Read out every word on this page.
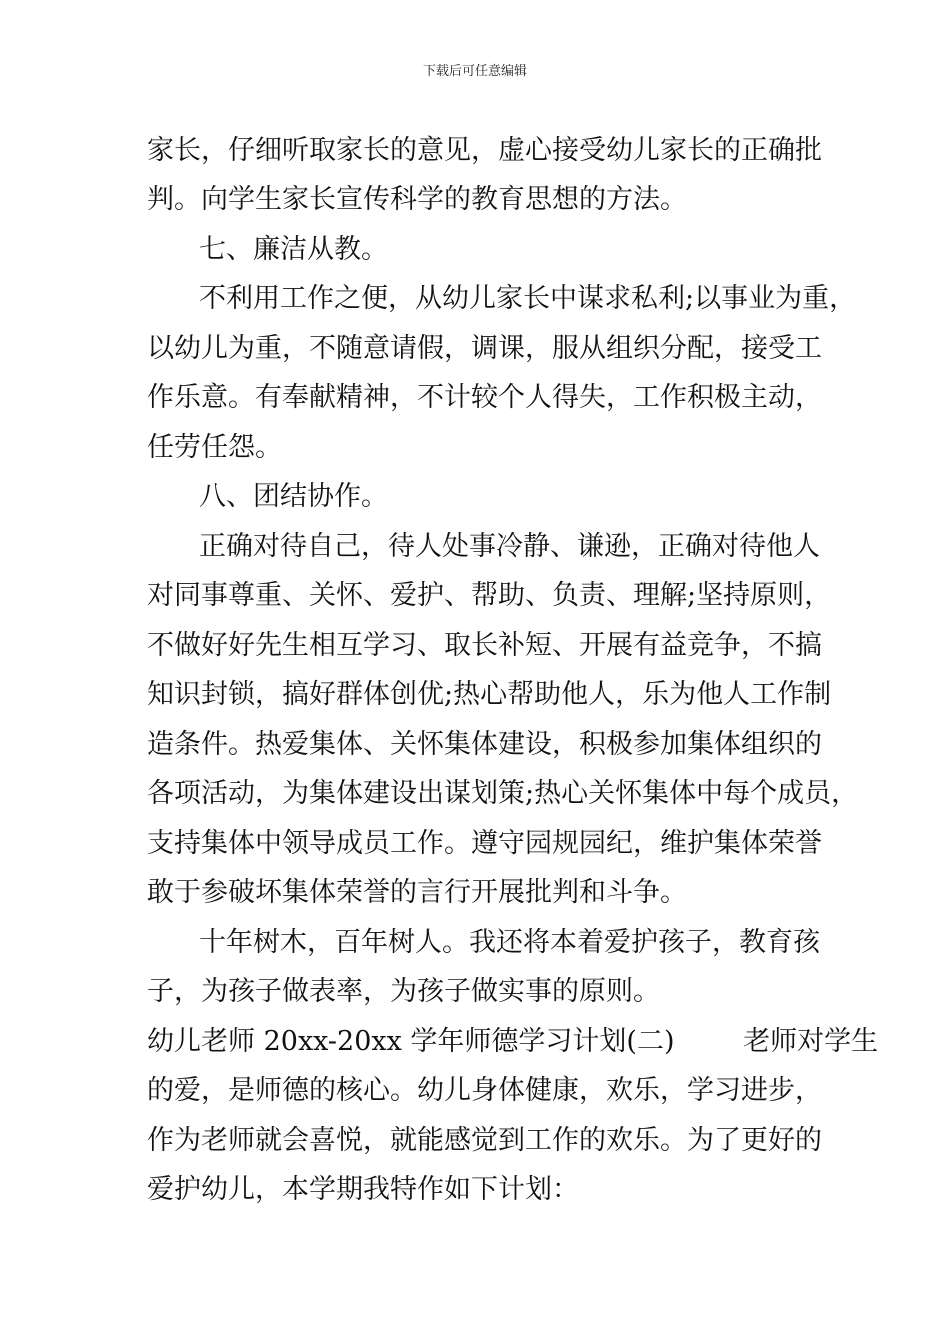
下载后可任意编辑
家长，仔细听取家长的意见，虚心接受幼儿家长的正确批
判。向学生家长宣传科学的教育思想的方法。
七、廉洁从教。
不利用工作之便，从幼儿家长中谋求私利;以事业为重，
以幼儿为重，不随意请假，调课，服从组织分配，接受工
作乐意。有奉献精神，不计较个人得失，工作积极主动，
任劳任怨。
八、团结协作。
正确对待自己，待人处事冷静、谦逊，正确对待他人
对同事尊重、关怀、爱护、帮助、负责、理解;坚持原则，
不做好好先生相互学习、取长补短、开展有益竞争，不搞
知识封锁，搞好群体创优;热心帮助他人，乐为他人工作制
造条件。热爱集体、关怀集体建设，积极参加集体组织的
各项活动，为集体建设出谋划策;热心关怀集体中每个成员，
支持集体中领导成员工作。遵守园规园纪，维护集体荣誉
敢于参破坏集体荣誉的言行开展批判和斗争。
十年树木，百年树人。我还将本着爱护孩子，教育孩
子，为孩子做表率，为孩子做实事的原则。
幼儿老师 20xx-20xx 学年师德学习计划(二)        老师对学生
的爱，是师德的核心。幼儿身体健康，欢乐，学习进步，
作为老师就会喜悦，就能感觉到工作的欢乐。为了更好的
爱护幼儿，本学期我特作如下计划：
